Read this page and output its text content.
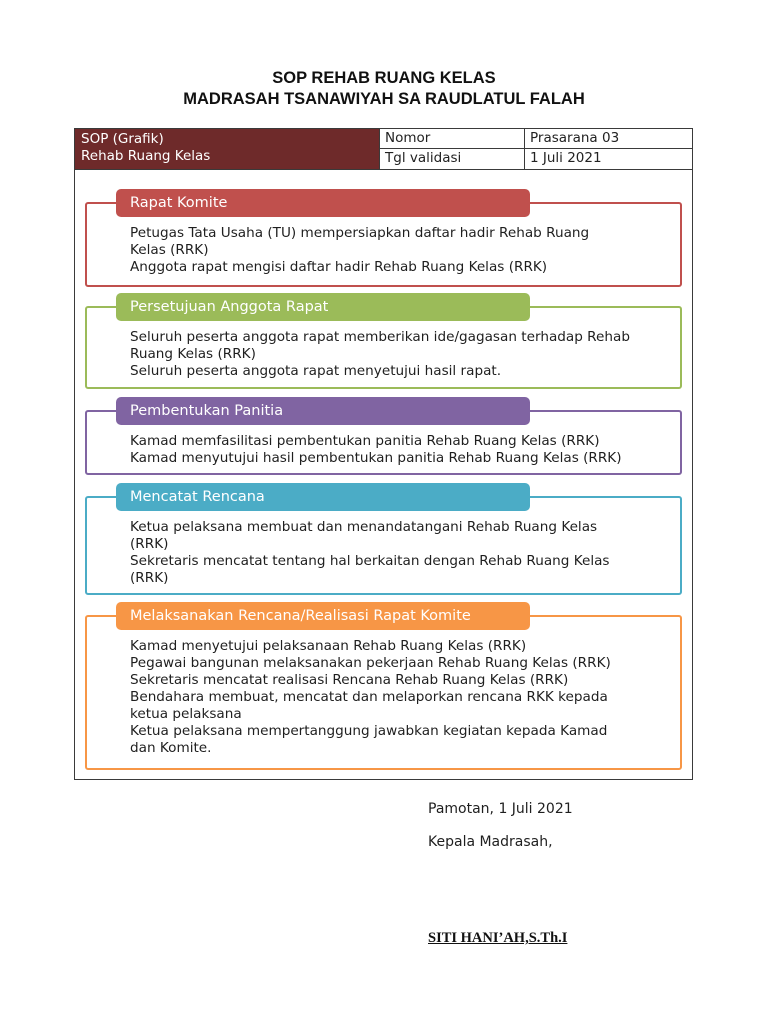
SOP REHAB RUANG KELAS
MADRASAH TSANAWIYAH SA RAUDLATUL FALAH
SOP (Grafik)
Rehab Ruang Kelas
Nomor	Prasarana 03
Tgl validasi	1 Juli 2021
Rapat Komite
Petugas Tata Usaha (TU) mempersiapkan daftar hadir Rehab Ruang
Kelas (RRK)
Anggota rapat mengisi daftar hadir Rehab Ruang Kelas (RRK)
Persetujuan Anggota Rapat
Seluruh peserta anggota rapat memberikan ide/gagasan terhadap Rehab
Ruang Kelas (RRK)
Seluruh peserta anggota rapat menyetujui hasil rapat.
Pembentukan Panitia
Kamad memfasilitasi pembentukan panitia Rehab Ruang Kelas (RRK)
Kamad menyutujui hasil pembentukan panitia Rehab Ruang Kelas (RRK)
Mencatat Rencana
Ketua pelaksana membuat dan menandatangani Rehab Ruang Kelas
(RRK)
Sekretaris mencatat tentang hal berkaitan dengan Rehab Ruang Kelas
(RRK)
Melaksanakan Rencana/Realisasi Rapat Komite
Kamad menyetujui pelaksanaan Rehab Ruang Kelas (RRK)
Pegawai bangunan melaksanakan pekerjaan Rehab Ruang Kelas (RRK)
Sekretaris mencatat realisasi Rencana Rehab Ruang Kelas (RRK)
Bendahara membuat, mencatat dan melaporkan rencana RKK kepada
ketua pelaksana
Ketua pelaksana mempertanggung jawabkan kegiatan kepada Kamad
dan Komite.
Pamotan, 1 Juli 2021
Kepala Madrasah,
SITI HANI’AH,S.Th.I
